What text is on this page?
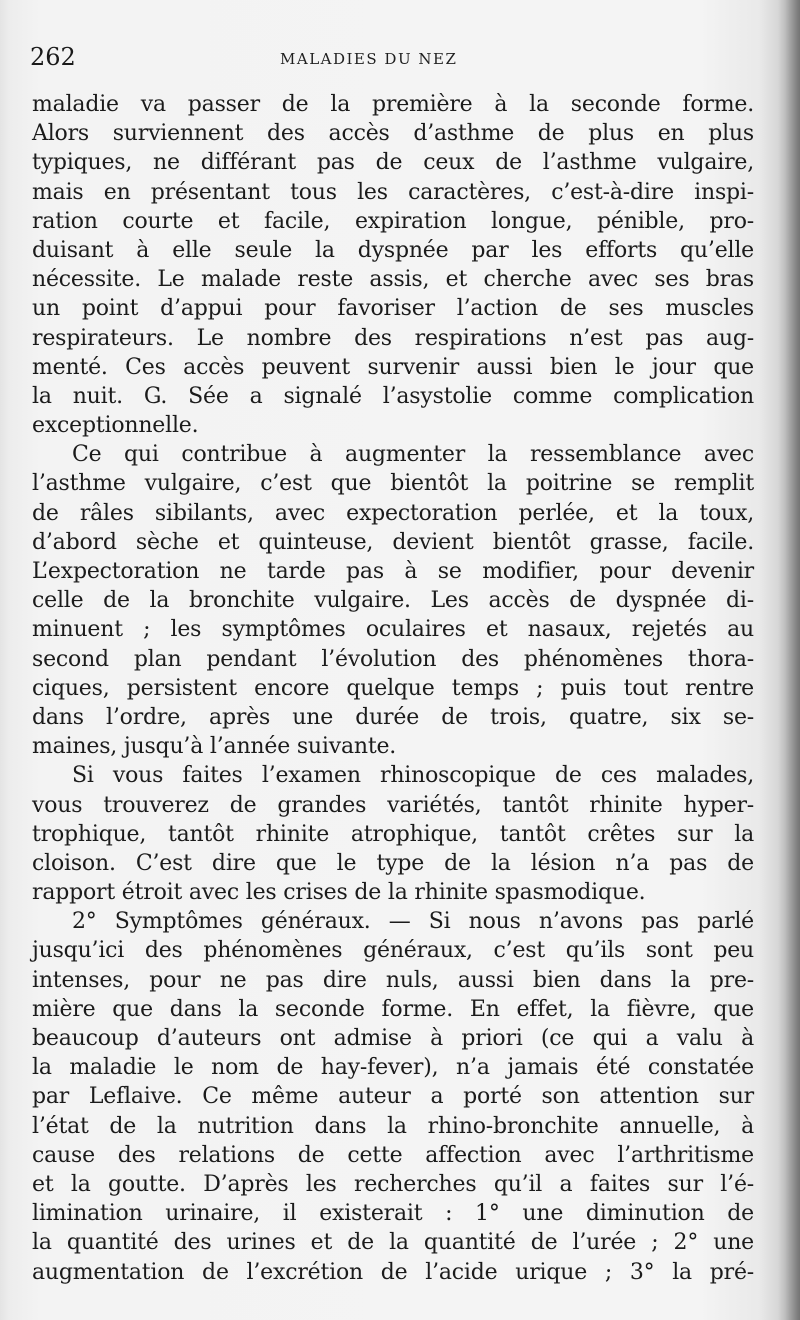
262	MALADIES DU NEZ
maladie va passer de la première à la seconde forme.
Alors surviennent des accès d’asthme de plus en plus
typiques, ne différant pas de ceux de l’asthme vulgaire,
mais en présentant tous les caractères, c’est-à-dire inspi-
ration courte et facile, expiration longue, pénible, pro-
duisant à elle seule la dyspnée par les efforts qu’elle
nécessite. Le malade reste assis, et cherche avec ses bras
un point d’appui pour favoriser l’action de ses muscles
respirateurs. Le nombre des respirations n’est pas aug-
menté. Ces accès peuvent survenir aussi bien le jour que
la nuit. G. Sée a signalé l’asystolie comme complication
exceptionnelle.
Ce qui contribue à augmenter la ressemblance avec
l’asthme vulgaire, c’est que bientôt la poitrine se remplit
de râles sibilants, avec expectoration perlée, et la toux,
d’abord sèche et quinteuse, devient bientôt grasse, facile.
L’expectoration ne tarde pas à se modifier, pour devenir
celle de la bronchite vulgaire. Les accès de dyspnée di-
minuent ; les symptômes oculaires et nasaux, rejetés au
second plan pendant l’évolution des phénomènes thora-
ciques, persistent encore quelque temps ; puis tout rentre
dans l’ordre, après une durée de trois, quatre, six se-
maines, jusqu’à l’année suivante.
Si vous faites l’examen rhinoscopique de ces malades,
vous trouverez de grandes variétés, tantôt rhinite hyper-
trophique, tantôt rhinite atrophique, tantôt crêtes sur la
cloison. C’est dire que le type de la lésion n’a pas de
rapport étroit avec les crises de la rhinite spasmodique.
2° Symptômes généraux. — Si nous n’avons pas parlé
jusqu’ici des phénomènes généraux, c’est qu’ils sont peu
intenses, pour ne pas dire nuls, aussi bien dans la pre-
mière que dans la seconde forme. En effet, la fièvre, que
beaucoup d’auteurs ont admise à priori (ce qui a valu à
la maladie le nom de hay-fever), n’a jamais été constatée
par Leflaive. Ce même auteur a porté son attention sur
l’état de la nutrition dans la rhino-bronchite annuelle, à
cause des relations de cette affection avec l’arthritisme
et la goutte. D’après les recherches qu’il a faites sur l’é-
limination urinaire, il existerait : 1° une diminution de
la quantité des urines et de la quantité de l’urée ; 2° une
augmentation de l’excrétion de l’acide urique ; 3° la pré-
